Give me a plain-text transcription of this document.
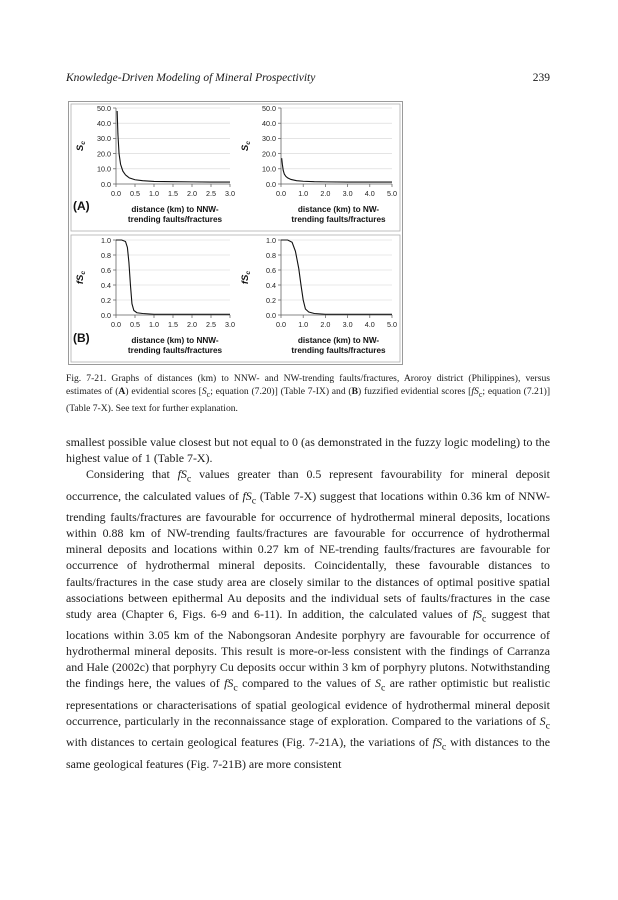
Knowledge-Driven Modeling of Mineral Prospectivity	239
0.0
10.0
20.0
30.0
40.0
50.0
0.0 0.5 1.0 1.5 2.0 2.5 3.0
$S_c$
distance (km) to NNW-
trending faults/fractures
(A)
0.0
10.0
20.0
30.0
40.0
50.0
0.0 1.0 2.0 3.0 4.0 5.0
$S_c$
distance (km) to NW-
trending faults/fractures
0.0
0.2
0.4
0.6
0.8
1.0
0.0 0.5 1.0 1.5 2.0 2.5 3.0
$fS_c$
distance (km) to NNW-
trending faults/fractures
(B)
0.0
0.2
0.4
0.6
0.8
1.0
0.0 1.0 2.0 3.0 4.0 5.0
$fS_c$
distance (km) to NW-
trending faults/fractures
Fig. 7-21. Graphs of distances (km) to NNW- and NW-trending faults/fractures, Aroroy district (Philippines), versus estimates of (A) evidential scores [$S_c$; equation (7.20)] (Table 7-IX) and (B) fuzzified evidential scores [$fS_c$; equation (7.21)] (Table 7-X). See text for further explanation.

smallest possible value closest but not equal to 0 (as demonstrated in the fuzzy logic modeling) to the highest value of 1 (Table 7-X).

Considering that $fS_c$ values greater than 0.5 represent favourability for mineral deposit occurrence, the calculated values of $fS_c$ (Table 7-X) suggest that locations within 0.36 km of NNW-trending faults/fractures are favourable for occurrence of hydrothermal mineral deposits, locations within 0.88 km of NW-trending faults/fractures are favourable for occurrence of hydrothermal mineral deposits and locations within 0.27 km of NE-trending faults/fractures are favourable for occurrence of hydrothermal mineral deposits. Coincidentally, these favourable distances to faults/fractures in the case study area are closely similar to the distances of optimal positive spatial associations between epithermal Au deposits and the individual sets of faults/fractures in the case study area (Chapter 6, Figs. 6-9 and 6-11). In addition, the calculated values of $fS_c$ suggest that locations within 3.05 km of the Nabongsoran Andesite porphyry are favourable for occurrence of hydrothermal mineral deposits. This result is more-or-less consistent with the findings of Carranza and Hale (2002c) that porphyry Cu deposits occur within 3 km of porphyry plutons. Notwithstanding the findings here, the values of $fS_c$ compared to the values of $S_c$ are rather optimistic but realistic representations or characterisations of spatial geological evidence of hydrothermal mineral deposit occurrence, particularly in the reconnaissance stage of exploration. Compared to the variations of $S_c$ with distances to certain geological features (Fig. 7-21A), the variations of $fS_c$ with distances to the same geological features (Fig. 7-21B) are more consistent
